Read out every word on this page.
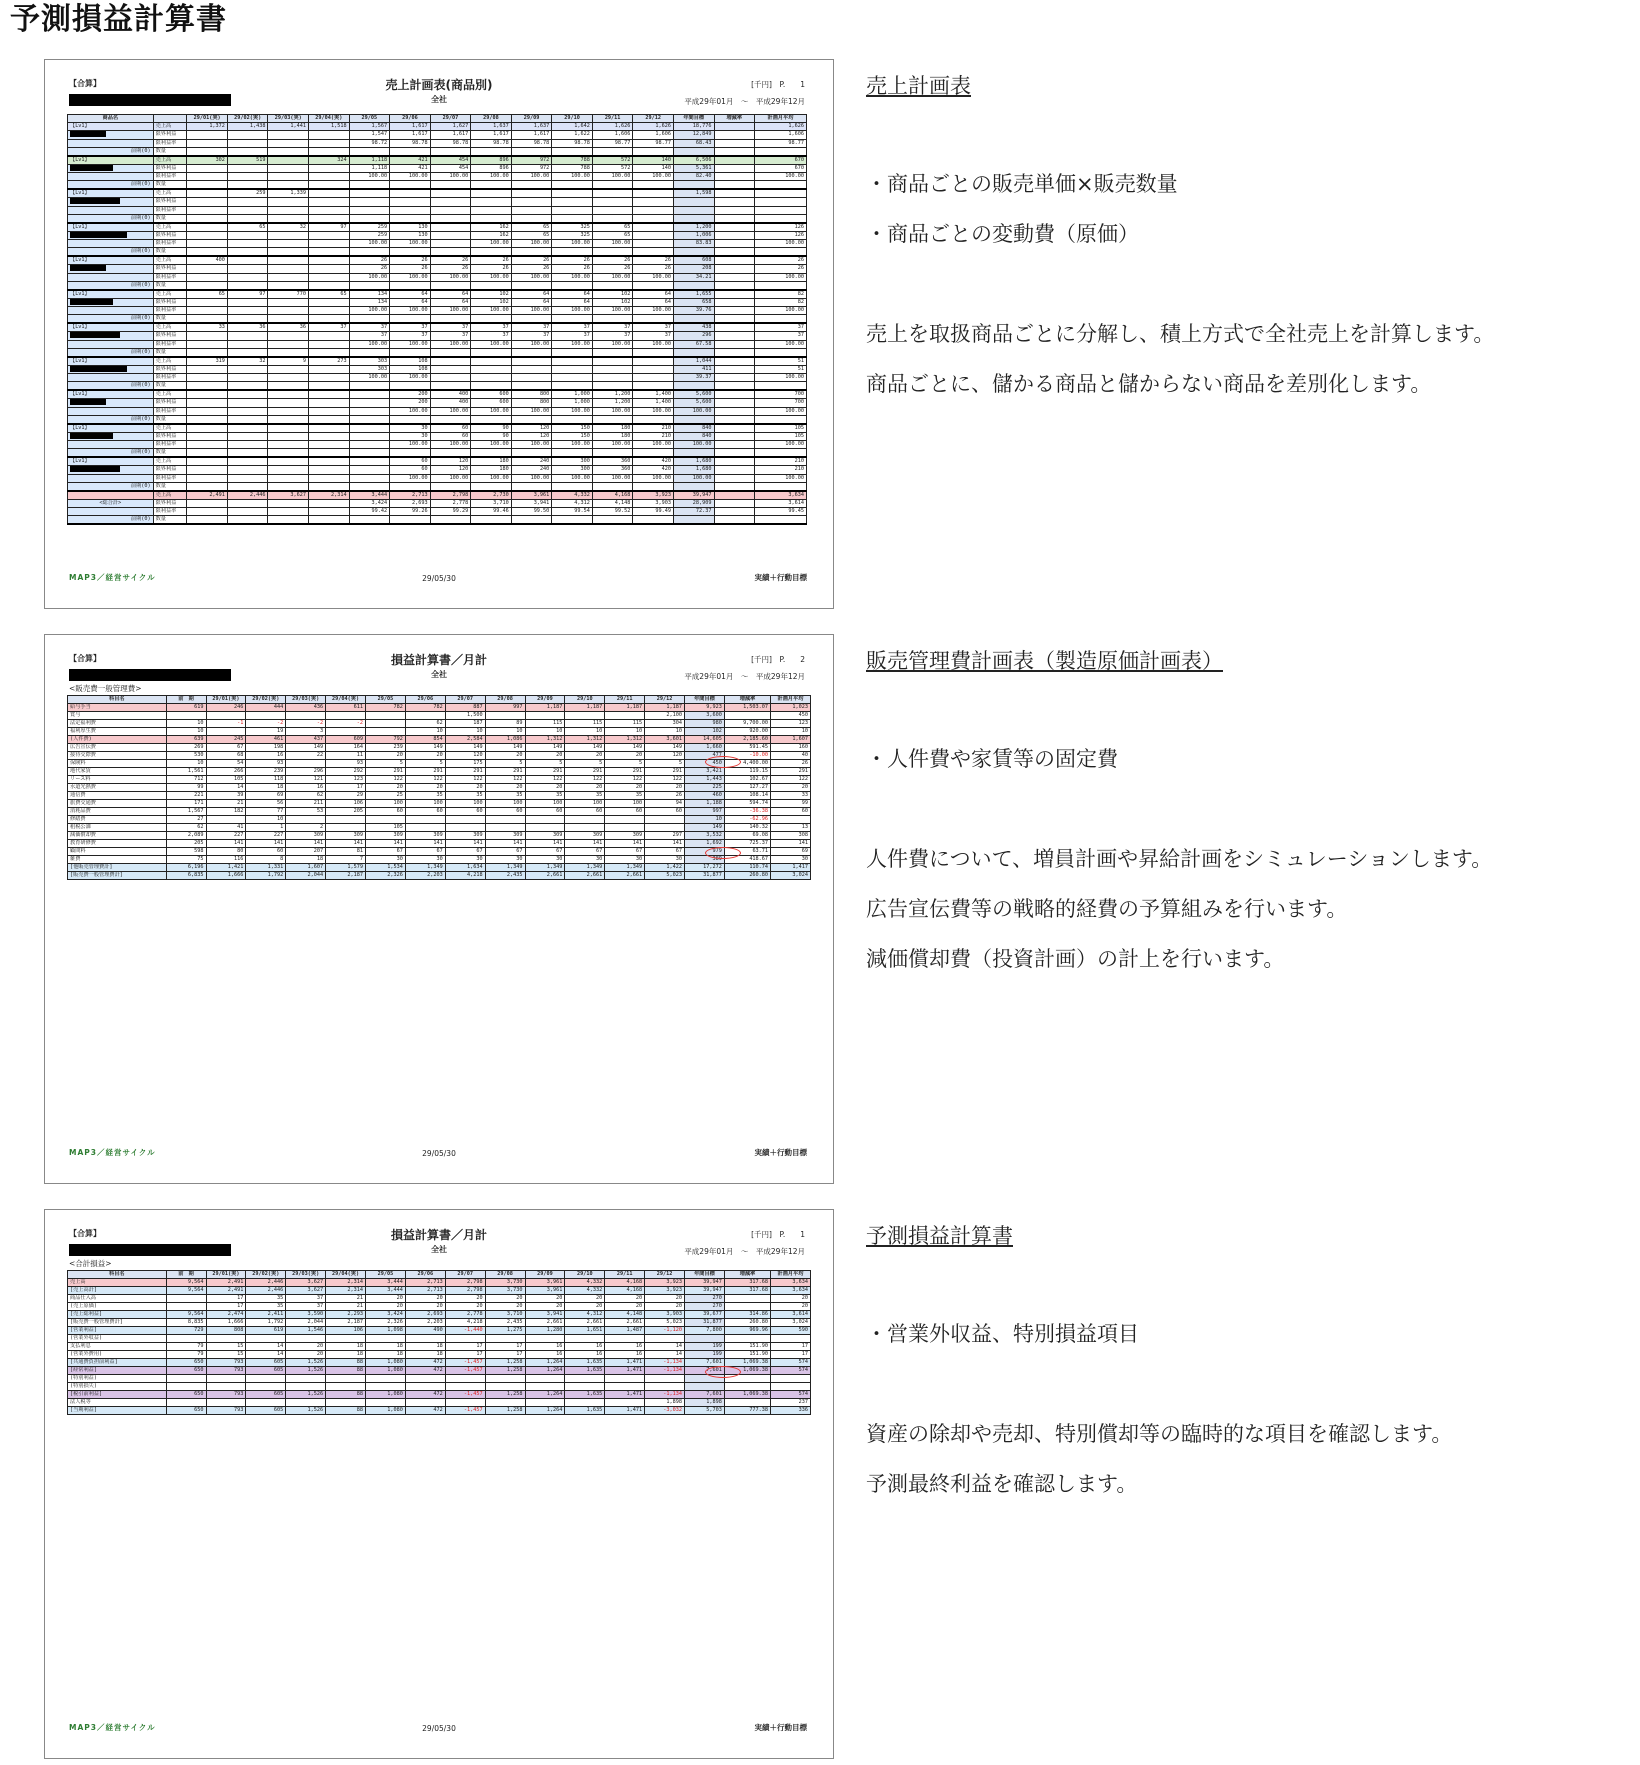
予測損益計算書
【合算】	売上計画表(商品別)
全社
[千円]　P.　　1
平成29年01月　～　平成29年12月
商品名		29/01(実)	29/02(実)	29/03(実)	29/04(実)	29/05	29/06	29/07	29/08	29/09	29/10	29/11	29/12	年間目標	増減率	計画月平均
【Lv1】	売上高	1,372	1,438	1,441	1,518	1,567	1,617	1,627	1,637	1,637	1,642	1,626	1,626	18,776		1,626
	限界利益					1,547	1,617	1,617	1,617	1,617	1,622	1,606	1,606	12,849		1,606
	限利益率					98.72	98.78	98.78	98.78	98.78	98.78	98.77	98.77	68.43		98.77
前期(0)	数量															
【Lv1】	売上高	302	519		324	1,118	421	454	896	972	788	572	140	6,506		670
	限界利益					1,118	421	454	896	972	788	572	140	5,361		670
	限利益率					100.00	100.00	100.00	100.00	100.00	100.00	100.00	100.00	82.40		100.00
前期(0)	数量															
【Lv1】	売上高		259	1,339										1,598		
	限界利益															
	限利益率															
前期(0)	数量															
【Lv1】	売上高		65	32	97	259	130		162	65	325	65		1,200		126
	限界利益					259	130		162	65	325	65		1,006		126
	限利益率					100.00	100.00		100.00	100.00	100.00	100.00		83.83		100.00
前期(0)	数量															
【Lv1】	売上高	400				26	26	26	26	26	26	26	26	608		26
	限界利益					26	26	26	26	26	26	26	26	208		26
	限利益率					100.00	100.00	100.00	100.00	100.00	100.00	100.00	100.00	34.21		100.00
前期(0)	数量															
【Lv1】	売上高	65	97	770	65	134	64	64	102	64	64	102	64	1,655		82
	限界利益					134	64	64	102	64	64	102	64	658		82
	限利益率					100.00	100.00	100.00	100.00	100.00	100.00	100.00	100.00	39.76		100.00
前期(0)	数量															
【Lv1】	売上高	33	36	36	37	37	37	37	37	37	37	37	37	438		37
	限界利益					37	37	37	37	37	37	37	37	296		37
	限利益率					100.00	100.00	100.00	100.00	100.00	100.00	100.00	100.00	67.58		100.00
前期(0)	数量															
【Lv1】	売上高	319	32	9	273	303	108							1,044		51
	限界利益					303	108							411		51
	限利益率					100.00	100.00							39.37		100.00
前期(0)	数量															
【Lv1】	売上高						200	400	600	800	1,000	1,200	1,400	5,600		700
	限界利益						200	400	600	800	1,000	1,200	1,400	5,600		700
	限利益率						100.00	100.00	100.00	100.00	100.00	100.00	100.00	100.00		100.00
前期(0)	数量															
【Lv1】	売上高						30	60	90	120	150	180	210	840		105
	限界利益						30	60	90	120	150	180	210	840		105
	限利益率						100.00	100.00	100.00	100.00	100.00	100.00	100.00	100.00		100.00
前期(0)	数量															
【Lv1】	売上高						60	120	180	240	300	360	420	1,680		210
	限界利益						60	120	180	240	300	360	420	1,680		210
	限利益率						100.00	100.00	100.00	100.00	100.00	100.00	100.00	100.00		100.00
前期(0)	数量															
	売上高	2,491	2,446	3,627	2,314	3,444	2,713	2,798	2,730	3,961	4,332	4,168	3,923	39,947		3,634
<総合計>	限界利益					3,424	2,693	2,778	3,710	3,941	4,312	4,148	3,903	28,909		3,614
	限利益率					99.42	99.26	99.29	99.46	99.50	99.54	99.52	99.49	72.37		99.45
前期(0)	数量															
MAP3／経営サイクル	29/05/30	実績＋行動目標
【合算】	損益計算書／月計
全社
[千円]　P.　　2
平成29年01月　～　平成29年12月
<販売費一般管理費>
科目名	前　期	29/01(実)	29/02(実)	29/03(実)	29/04(実)	29/05	29/06	29/07	29/08	29/09	29/10	29/11	29/12	年間目標	増減率	計画月平均
給与手当	619	246	444	436	611	782	782	887	997	1,187	1,187	1,187	1,187	9,923	1,503.07	1,023
賞与								1,500					2,100	3,600		450
法定福利費	10	-1	-2	-2	-2		62	187	89	115	115	115	304	980	9,700.00	123
福利厚生費	10		19	3			10	10	10	10	10	10	10	102	920.00	10
(人件費)	639	245	461	437	609	792	854	2,584	1,086	1,312	1,312	1,312	3,601	14,605	2,185.60	1,607
広告宣伝費	269	67	198	149	164	239	149	149	149	149	149	149	149	1,660	591.45	160
接待交際費	530	68	16	22	11	20	20	120	20	20	20	20	120	477	-10.00	40
保険料	10	54	93		93	5	5	175	5	5	5	5	5	450	4,400.00	26
地代家賃	1,561	266	239	296	292	291	291	291	291	291	291	291	291	3,421	119.15	291
リース料	712	105	118	121	123	122	122	122	122	122	122	122	122	1,443	102.67	122
水道光熱費	99	14	18	16	17	20	20	20	20	20	20	20	20	225	127.27	20
通信費	221	39	69	62	29	25	35	35	35	35	35	35	26	460	108.14	33
旅費交通費	171	21	56	211	106	100	100	100	100	100	100	100	94	1,188	594.74	99
消耗品費	1,567	182	77	53	205	60	60	60	60	60	60	60	60	997	-36.38	60
修繕費	27		10											10	-62.96	
租税公課	62	41	1	2		105								149	140.32	13
減価償却費	2,089	227	227	309	309	309	309	309	309	309	309	309	297	3,532	69.08	308
教育研修費	205	141	141	141	141	141	141	141	141	141	141	141	141	1,692	725.37	141
顧問料	598	80	60	207	81	67	67	67	67	67	67	67	67	979	63.71	69
雑費	75	116	8	18	7	30	30	30	30	30	30	30	30	389	418.67	30
[他販売管理費計]	6,196	1,421	1,331	1,607	1,579	1,534	1,349	1,634	1,349	1,349	1,349	1,349	1,422	17,272	110.74	1,417
[販売費一般管理費計]	6,835	1,666	1,792	2,044	2,187	2,326	2,203	4,218	2,435	2,661	2,661	2,661	5,023	31,877	260.80	3,024
MAP3／経営サイクル	29/05/30	実績＋行動目標
【合算】	損益計算書／月計
全社
[千円]　P.　　1
平成29年01月　～　平成29年12月
<合計損益>
科目名	前　期	29/01(実)	29/02(実)	29/03(実)	29/04(実)	29/05	29/06	29/07	29/08	29/09	29/10	29/11	29/12	年間目標	増減率	計画月平均
売上高	9,564	2,491	2,446	3,627	2,314	3,444	2,713	2,798	3,730	3,961	4,332	4,168	3,923	39,947	317.68	3,634
[売上高計]	9,564	2,491	2,446	3,627	2,314	3,444	2,713	2,798	3,730	3,961	4,332	4,168	3,923	39,947	317.68	3,634
商品仕入高		17	35	37	21	20	20	20	20	20	20	20	20	270		20
(売上原価)		17	35	37	21	20	20	20	20	20	20	20	20	270		20
[売上総利益]	9,564	2,474	2,411	3,590	2,293	3,424	2,693	2,778	3,710	3,941	4,312	4,148	3,903	39,677	314.86	3,614
[販売費一般管理費計]	8,835	1,666	1,792	2,044	2,187	2,326	2,203	4,218	2,435	2,661	2,661	2,661	5,023	31,877	260.80	3,024
[営業利益]	729	808	619	1,546	106	1,098	490	-1,440	1,275	1,280	1,651	1,487	-1,120	7,800	969.96	590
(営業外収益)																
支払利息	79	15	14	20	18	18	18	17	17	16	16	16	14	199	151.90	17
(営業外費用)	79	15	14	20	18	18	18	17	17	16	16	16	14	199	151.90	17
[共通費負担前利益]	650	793	605	1,526	88	1,080	472	-1,457	1,258	1,264	1,635	1,471	-1,134	7,601	1,069.38	574
[経常利益]	650	793	605	1,526	88	1,080	472	-1,457	1,258	1,264	1,635	1,471	-1,134	7,601	1,069.38	574
(特別利益)																
(特別損失)																
[税引前利益]	650	793	605	1,526	88	1,080	472	-1,457	1,258	1,264	1,635	1,471	-1,134	7,601	1,069.38	574
法人税等													1,898	1,898		237
[当期利益]	650	793	605	1,526	88	1,080	472	-1,457	1,258	1,264	1,635	1,471	-3,032	5,703	777.38	336
MAP3／経営サイクル	29/05/30	実績＋行動目標
売上計画表
・商品ごとの販売単価×販売数量
・商品ごとの変動費（原価）
売上を取扱商品ごとに分解し、積上方式で全社売上を計算します。
商品ごとに、儲かる商品と儲からない商品を差別化します。
販売管理費計画表（製造原価計画表）
・人件費や家賃等の固定費
人件費について、増員計画や昇給計画をシミュレーションします。
広告宣伝費等の戦略的経費の予算組みを行います。
減価償却費（投資計画）の計上を行います。
予測損益計算書
・営業外収益、特別損益項目
資産の除却や売却、特別償却等の臨時的な項目を確認します。
予測最終利益を確認します。
